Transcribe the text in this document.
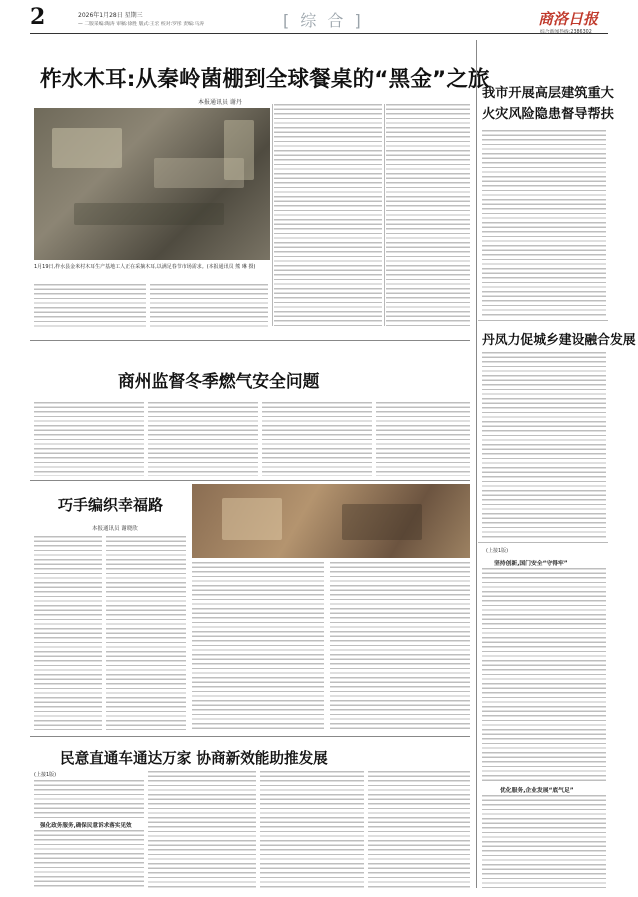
2	2026年1月28日 星期三
— 二版采编:陶涛 审稿:徐胜 版式:王宏 校对:罗彤 责编:马涛	[ 综 合 ]	商洛日报
柞水木耳:从秦岭菌棚到全球餐桌的“黑金”之旅
本报通讯员 谢丹
1月19日,柞水县金米村木耳生产基地工人正在采摘木耳,以满足春节市场需求。(本报通讯员 熊 琳 摄)
我市开展高层建筑重大
火灾风险隐患督导帮扶
丹凤力促城乡建设融合发展
商州监督冬季燃气安全问题
巧手编织幸福路
本报通讯员 谢晓欣
民意直通车通达万家 协商新效能助推发展
(上接1版)
强化政务服务,确保民意诉求落实见效
(上接1版)
坚持创新,国门安全“守得牢”
优化服务,企业发展“底气足”
